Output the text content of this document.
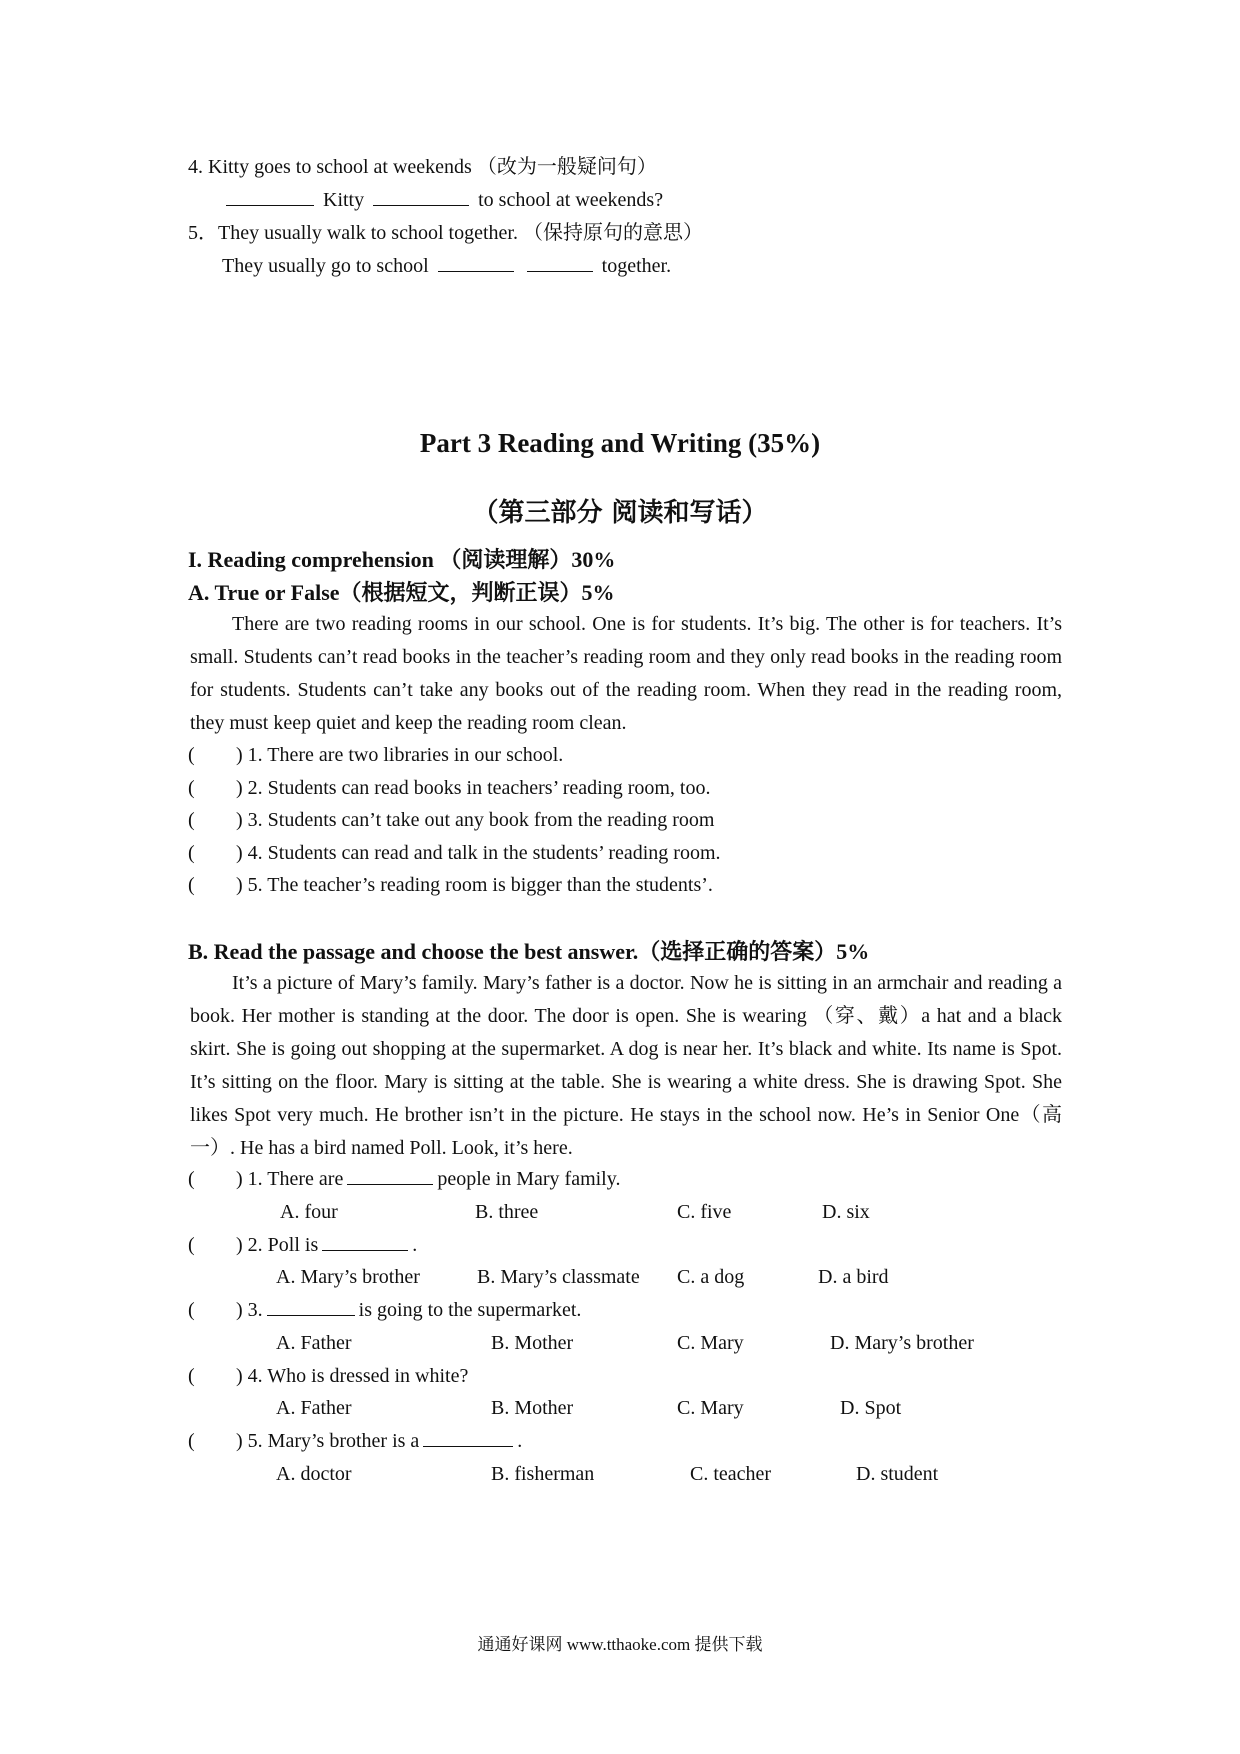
4. Kitty goes to school at weekends （改为一般疑问句）
Kitty	to school at weekends?
5．They usually walk to school together. （保持原句的意思）
They usually go to school	together.
Part 3 Reading and Writing (35%)
（第三部分 阅读和写话）
I. Reading comprehension （阅读理解）30%
A. True or False（根据短文，判断正误）5%
There are two reading rooms in our school. One is for students. It’s big. The other is for teachers. It’s small. Students can’t read books in the teacher’s reading room and they only read books in the reading room for students. Students can’t take any books out of the reading room. When they read in the reading room, they must keep quiet and keep the reading room clean.
( ) 1. There are two libraries in our school.
( ) 2. Students can read books in teachers’ reading room, too.
( ) 3. Students can’t take out any book from the reading room
( ) 4. Students can read and talk in the students’ reading room.
( ) 5. The teacher’s reading room is bigger than the students’.
B. Read the passage and choose the best answer.（选择正确的答案）5%
It’s a picture of Mary’s family. Mary’s father is a doctor. Now he is sitting in an armchair and reading a book. Her mother is standing at the door. The door is open. She is wearing （穿、戴）a hat and a black skirt. She is going out shopping at the supermarket. A dog is near her. It’s black and white. Its name is Spot. It’s sitting on the floor. Mary is sitting at the table. She is wearing a white dress. She is drawing Spot. She likes Spot very much. He brother isn’t in the picture. He stays in the school now. He’s in Senior One（高一）. He has a bird named Poll. Look, it’s here.
( ) 1. There are	people in Mary family.
A. four	B. three	C. five	D. six
( ) 2. Poll is	.
A. Mary’s brother	B. Mary’s classmate C. a dog	D. a bird
( ) 3.	is going to the supermarket.
A. Father	B. Mother	C. Mary	D. Mary’s brother
( ) 4. Who is dressed in white?
A. Father	B. Mother	C. Mary	D. Spot
( ) 5. Mary’s brother is a	.
A. doctor	B. fisherman	C. teacher	D. student
通通好课网 www.tthaoke.com 提供下载
